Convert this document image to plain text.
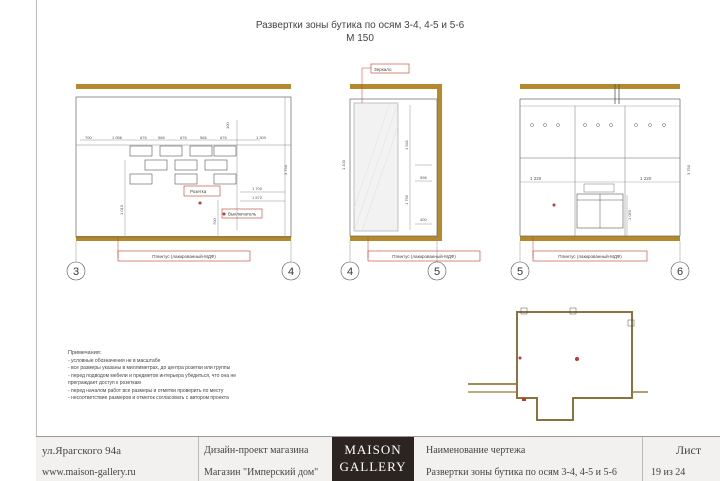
Развертки зоны бутика по осям 3-4, 4-5 и 5-6
М 150
700	1 956	676	566	676	566	676	1 300
3 750
1 700
1 572
700
100
1 010
Розетка
Выключатель
Плинтус (лакированный-МДФ)
3	4
1 100
1 941
596
1 795
400
Зеркало
Плинтус (лакированный-МДФ)
4	5
1 220	1 220
3 750
1 050
Плинтус (лакированный-МДФ)
5	6
Примечания:
- условные обозначения не в масштабе
- все размеры указаны в миллиметрах, до центра розетки или группы
- перед подводом мебели и предметов интерьера убедиться, что она не
преграждает доступ к розеткам
- перед началом работ все размеры и отметки проверить по месту
- несоответствие размеров и отметок согласовать с автором проекта
ул.Ярагского 94а
www.maison-gallery.ru
Дизайн-проект магазина
Магазин "Имперский дом"
MAISON
GALLERY
Наименование чертежа
Развертки зоны бутика по осям 3-4, 4-5 и 5-6
Лист
19 из 24
